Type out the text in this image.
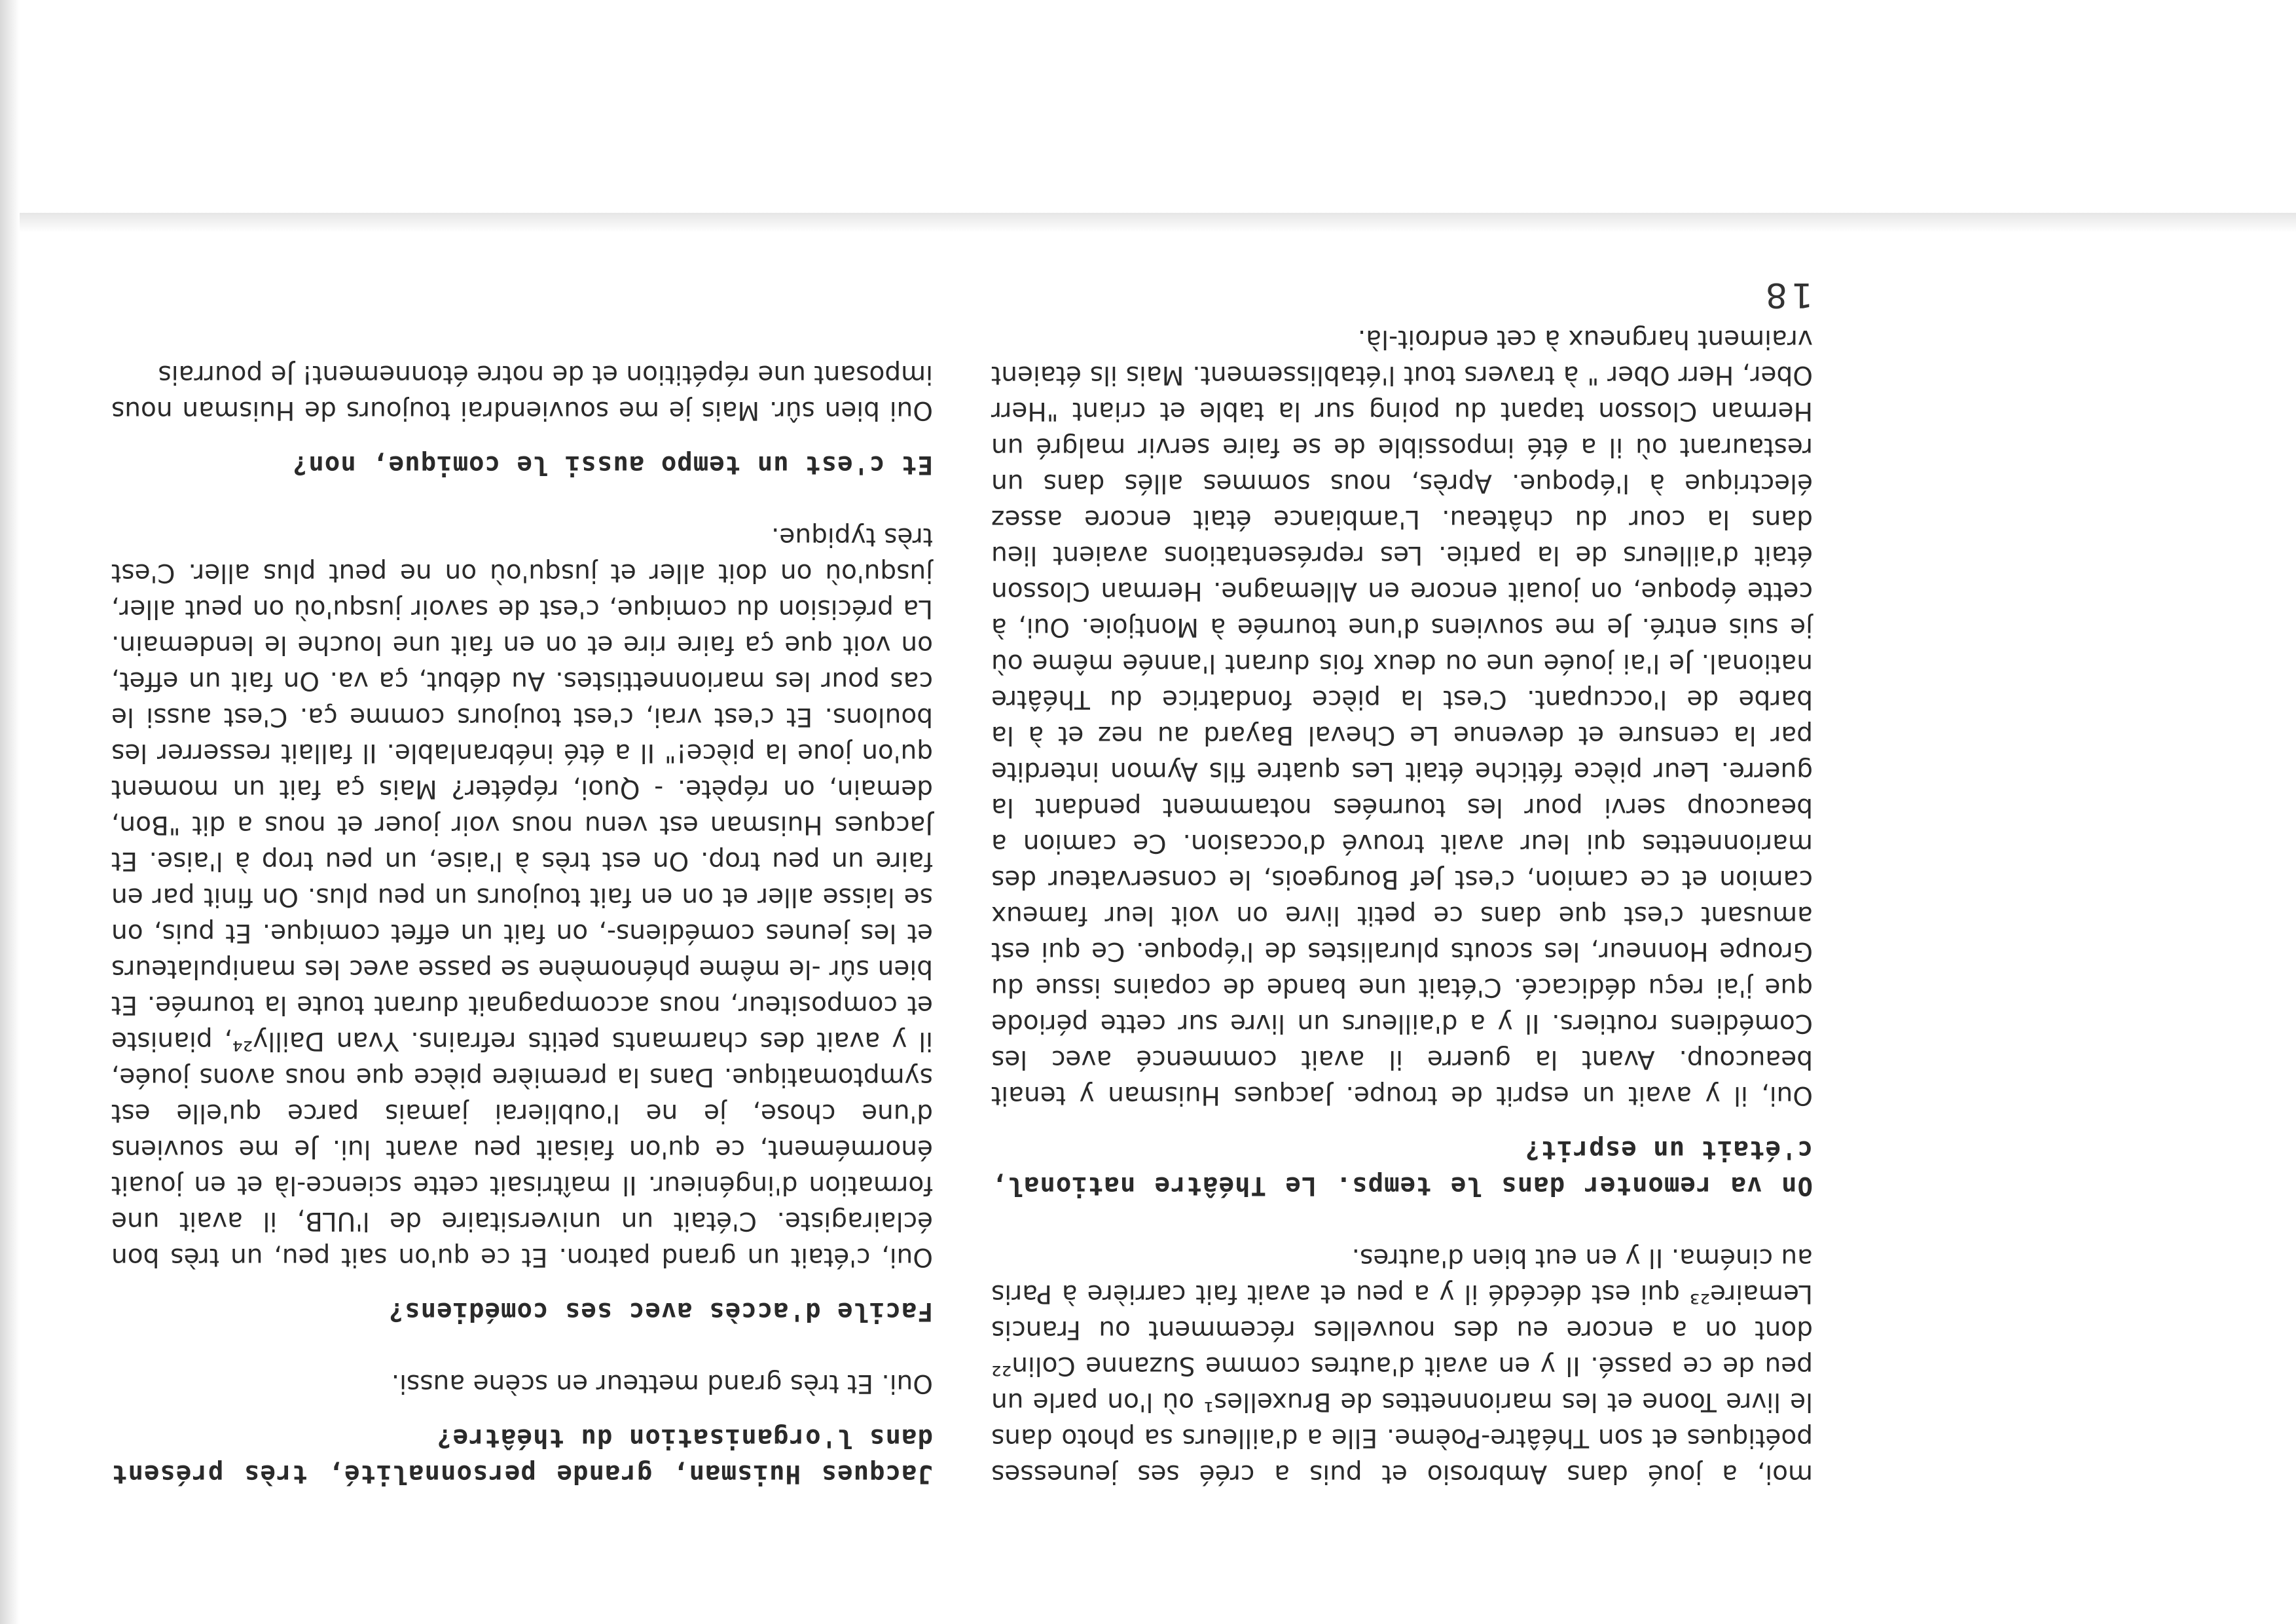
moi, a joué dans Ambrosio et puis a créé ses jeunesses poétiques et son Théâtre-Poème. Elle a d'ailleurs sa photo dans le livre Toone et les marionnettes de Bruxelles¹ où l'on parle un peu de ce passé. Il y en avait d'autres comme Suzanne Colin²² dont on a encore eu des nouvelles récemment ou Francis Lemaire²³ qui est décédé il y a peu et avait fait carrière à Paris au cinéma. Il y en eut bien d'autres.

On va remonter dans le temps. Le Théâtre national, c'était un esprit?

Oui, il y avait un esprit de troupe. Jacques Huisman y tenait beaucoup. Avant la guerre il avait commencé avec les Comédiens routiers. Il y a d'ailleurs un livre sur cette période que j'ai reçu dédicacé. C'était une bande de copains issue du Groupe Honneur, les scouts pluralistes de l'époque. Ce qui est amusant c'est que dans ce petit livre on voit leur fameux camion et ce camion, c'est Jef Bourgeois, le conservateur des marionnettes qui leur avait trouvé d'occasion. Ce camion a beaucoup servi pour les tournées notamment pendant la guerre. Leur pièce fétiche était Les quatre fils Aymon interdite par la censure et devenue Le Cheval Bayard au nez et à la barbe de l'occupant. C'est la pièce fondatrice du Théâtre national. Je l'ai jouée une ou deux fois durant l'année même où je suis entré. Je me souviens d'une tournée à Montjoie. Oui, à cette époque, on jouait encore en Allemagne. Herman Closson était d'ailleurs de la partie. Les représentations avaient lieu dans la cour du château. L'ambiance était encore assez électrique à l'époque. Après, nous sommes allés dans un restaurant où il a été impossible de se faire servir malgré un Herman Closson tapant du poing sur la table et criant "Herr Ober, Herr Ober " à travers tout l'établissement. Mais ils étaient vraiment hargneux à cet endroit-là.

Jacques Huisman, grande personnalité, très présent dans l'organisation du théâtre?

Oui. Et très grand metteur en scène aussi.

Facile d'accès avec ses comédiens?

Oui, c'était un grand patron. Et ce qu'on sait peu, un très bon éclairagiste. C'était un universitaire de l'ULB, il avait une formation d'ingénieur. Il maîtrisait cette science-là et en jouait énormément, ce qu'on faisait peu avant lui. Je me souviens d'une chose, je ne l'oublierai jamais parce qu'elle est symptomatique. Dans la première pièce que nous avons jouée, il y avait des charmants petits refrains. Yvan Dailly²⁴, pianiste et compositeur, nous accompagnait durant toute la tournée. Et bien sûr -le même phénomène se passe avec les manipulateurs et les jeunes comédiens-, on fait un effet comique. Et puis, on se laisse aller et on en fait toujours un peu plus. On finit par en faire un peu trop. On est très à l'aise, un peu trop à l'aise. Et Jacques Huisman est venu nous voir jouer et nous a dit "Bon, demain, on répète. - Quoi, répéter? Mais ça fait un moment qu'on joue la pièce!" Il a été inébranlable. Il fallait resserrer les boulons. Et c'est vrai, c'est toujours comme ça. C'est aussi le cas pour les marionnettistes. Au début, ça va. On fait un effet, on voit que ça faire rire et on en fait une louche le lendemain. La précision du comique, c'est de savoir jusqu'où on peut aller, jusqu'où on doit aller et jusqu'où on ne peut plus aller. C'est très typique.

Et c'est un tempo aussi le comique, non?

Oui bien sûr. Mais je me souviendrai toujours de Huisman nous imposant une répétition et de notre étonnement! Je pourrais

18
